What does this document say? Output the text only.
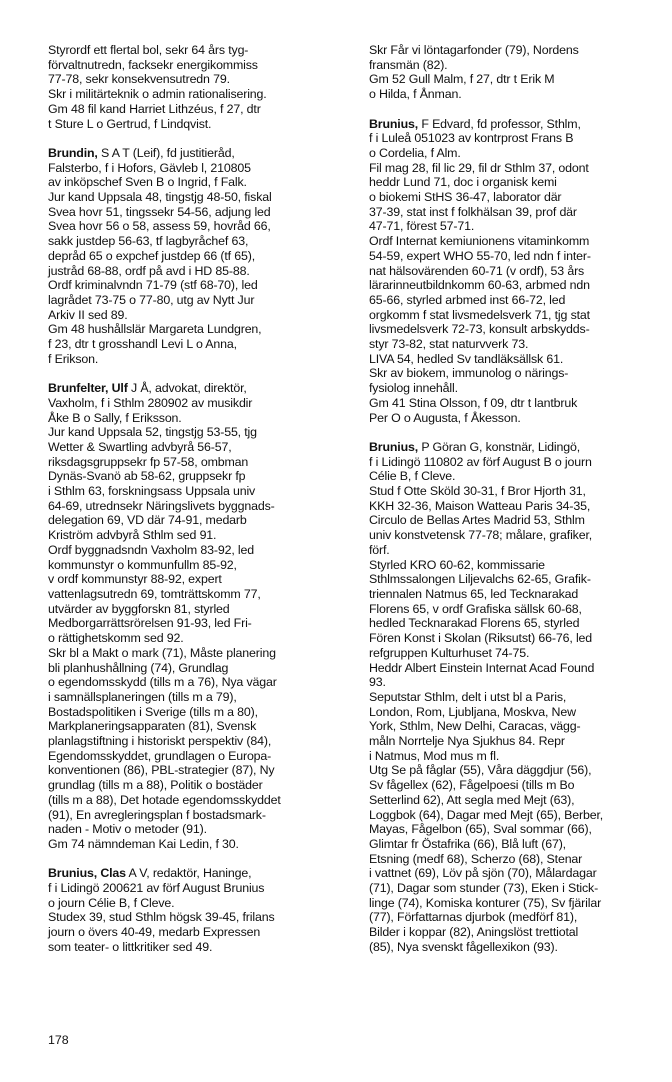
Styrordf ett flertal bol, sekr 64 års tyg-
förvaltnutredn, facksekr energikommiss
77-78, sekr konsekvensutredn 79.
Skr i militärteknik o admin rationalisering.
Gm 48 fil kand Harriet Lithzéus, f 27, dtr
t Sture L o Gertrud, f Lindqvist.
Brundin, S A T (Leif), fd justitieråd,
Falsterbo, f i Hofors, Gävleb l, 210805
av inköpschef Sven B o Ingrid, f Falk.
Jur kand Uppsala 48, tingstjg 48-50, fiskal
Svea hovr 51, tingssekr 54-56, adjung led
Svea hovr 56 o 58, assess 59, hovråd 66,
sakk justdep 56-63, tf lagbyråchef 63,
depråd 65 o expchef justdep 66 (tf 65),
justråd 68-88, ordf på avd i HD 85-88.
Ordf kriminalvndn 71-79 (stf 68-70), led
lagrådet 73-75 o 77-80, utg av Nytt Jur
Arkiv II sed 89.
Gm 48 hushållslär Margareta Lundgren,
f 23, dtr t grosshandl Levi L o Anna,
f Erikson.
Brunfelter, Ulf J Å, advokat, direktör,
Vaxholm, f i Sthlm 280902 av musikdir
Åke B o Sally, f Eriksson.
Jur kand Uppsala 52, tingstjg 53-55, tjg
Wetter & Swartling advbyrå 56-57,
riksdagsgruppsekr fp 57-58, ombman
Dynäs-Svanö ab 58-62, gruppsekr fp
i Sthlm 63, forskningsass Uppsala univ
64-69, utrednsekr Näringslivets byggnads-
delegation 69, VD där 74-91, medarb
Kriström advbyrå Sthlm sed 91.
Ordf byggnadsndn Vaxholm 83-92, led
kommunstyr o kommunfullm 85-92,
v ordf kommunstyr 88-92, expert
vattenlagsutredn 69, tomträttskomm 77,
utvärder av byggforskn 81, styrled
Medborgarrättsrörelsen 91-93, led Fri-
o rättighetskomm sed 92.
Skr bl a Makt o mark (71), Måste planering
bli planhushållning (74), Grundlag
o egendomsskydd (tills m a 76), Nya vägar
i samnällsplaneringen (tills m a 79),
Bostadspolitiken i Sverige (tills m a 80),
Markplaneringsapparaten (81), Svensk
planlagstiftning i historiskt perspektiv (84),
Egendomsskyddet, grundlagen o Europa-
konventionen (86), PBL-strategier (87), Ny
grundlag (tills m a 88), Politik o bostäder
(tills m a 88), Det hotade egendomsskyddet
(91), En avregleringsplan f bostadsmark-
naden - Motiv o metoder (91).
Gm 74 nämndeman Kai Ledin, f 30.
Brunius, Clas A V, redaktör, Haninge,
f i Lidingö 200621 av förf August Brunius
o journ Célie B, f Cleve.
Studex 39, stud Sthlm högsk 39-45, frilans
journ o övers 40-49, medarb Expressen
som teater- o littkritiker sed 49.
Skr Får vi löntagarfonder (79), Nordens
fransmän (82).
Gm 52 Gull Malm, f 27, dtr t Erik M
o Hilda, f Ånman.
Brunius, F Edvard, fd professor, Sthlm,
f i Luleå 051023 av kontrprost Frans B
o Cordelia, f Alm.
Fil mag 28, fil lic 29, fil dr Sthlm 37, odont
heddr Lund 71, doc i organisk kemi
o biokemi StHS 36-47, laborator där
37-39, stat inst f folkhälsan 39, prof där
47-71, förest 57-71.
Ordf Internat kemiunionens vitaminkomm
54-59, expert WHO 55-70, led ndn f inter-
nat hälsovärenden 60-71 (v ordf), 53 års
lärarinneutbildnkomm 60-63, arbmed ndn
65-66, styrled arbmed inst 66-72, led
orgkomm f stat livsmedelsverk 71, tjg stat
livsmedelsverk 72-73, konsult arbskydds-
styr 73-82, stat naturvverk 73.
LIVA 54, hedled Sv tandläksällsk 61.
Skr av biokem, immunolog o närings-
fysiolog innehåll.
Gm 41 Stina Olsson, f 09, dtr t lantbruk
Per O o Augusta, f Åkesson.
Brunius, P Göran G, konstnär, Lidingö,
f i Lidingö 110802 av förf August B o journ
Célie B, f Cleve.
Stud f Otte Sköld 30-31, f Bror Hjorth 31,
KKH 32-36, Maison Watteau Paris 34-35,
Circulo de Bellas Artes Madrid 53, Sthlm
univ konstvetensk 77-78; målare, grafiker,
förf.
Styrled KRO 60-62, kommissarie
Sthlmssalongen Liljevalchs 62-65, Grafik-
triennalen Natmus 65, led Tecknarakad
Florens 65, v ordf Grafiska sällsk 60-68,
hedled Tecknarakad Florens 65, styrled
Fören Konst i Skolan (Riksutst) 66-76, led
refgruppen Kulturhuset 74-75.
Heddr Albert Einstein Internat Acad Found
93.
Seputstar Sthlm, delt i utst bl a Paris,
London, Rom, Ljubljana, Moskva, New
York, Sthlm, New Delhi, Caracas, vägg-
måln Norrtelje Nya Sjukhus 84. Repr
i Natmus, Mod mus m fl.
Utg Se på fåglar (55), Våra däggdjur (56),
Sv fågellex (62), Fågelpoesi (tills m Bo
Setterlind 62), Att segla med Mejt (63),
Loggbok (64), Dagar med Mejt (65), Berber,
Mayas, Fågelbon (65), Sval sommar (66),
Glimtar fr Östafrika (66), Blå luft (67),
Etsning (medf 68), Scherzo (68), Stenar
i vattnet (69), Löv på sjön (70), Målardagar
(71), Dagar som stunder (73), Eken i Stick-
linge (74), Komiska konturer (75), Sv fjärilar
(77), Författarnas djurbok (medförf 81),
Bilder i koppar (82), Aningslöst trettiotal
(85), Nya svenskt fågellexikon (93).
178
